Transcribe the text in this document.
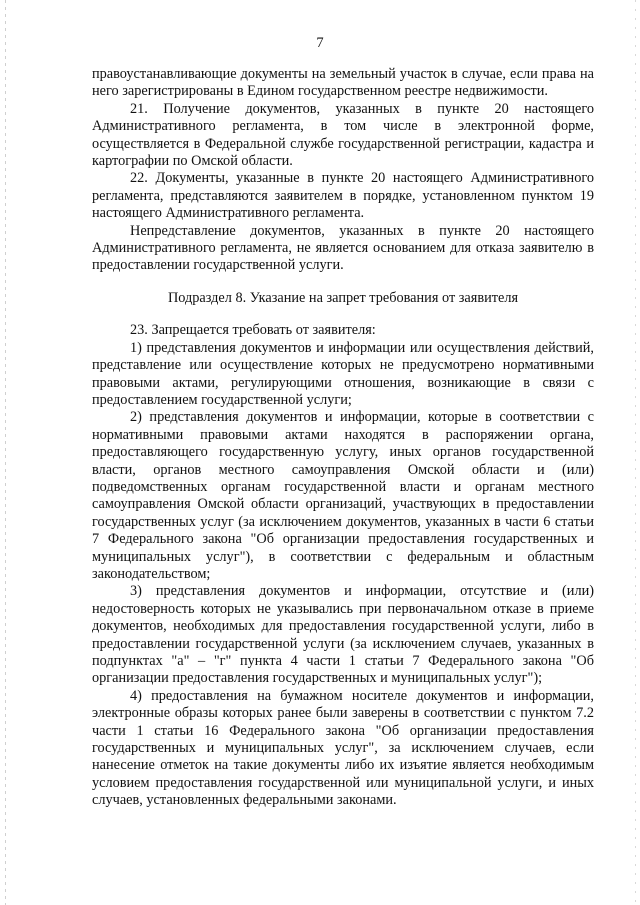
7

правоустанавливающие документы на земельный участок в случае, если права на него зарегистрированы в Едином государственном реестре недвижимости.

21. Получение документов, указанных в пункте 20 настоящего Административного регламента, в том числе в электронной форме, осуществляется в Федеральной службе государственной регистрации, кадастра и картографии по Омской области.

22. Документы, указанные в пункте 20 настоящего Административного регламента, представляются заявителем в порядке, установленном пунктом 19 настоящего Административного регламента.

Непредставление документов, указанных в пункте 20 настоящего Административного регламента, не является основанием для отказа заявителю в предоставлении государственной услуги.

Подраздел 8. Указание на запрет требования от заявителя

23. Запрещается требовать от заявителя:

1) представления документов и информации или осуществления действий, представление или осуществление которых не предусмотрено нормативными правовыми актами, регулирующими отношения, возникающие в связи с предоставлением государственной услуги;

2) представления документов и информации, которые в соответствии с нормативными правовыми актами находятся в распоряжении органа, предоставляющего государственную услугу, иных органов государственной власти, органов местного самоуправления Омской области и (или) подведомственных органам государственной власти и органам местного самоуправления Омской области организаций, участвующих в предоставлении государственных услуг (за исключением документов, указанных в части 6 статьи 7 Федерального закона "Об организации предоставления государственных и муниципальных услуг"), в соответствии с федеральным и областным законодательством;

3) представления документов и информации, отсутствие и (или) недостоверность которых не указывались при первоначальном отказе в приеме документов, необходимых для предоставления государственной услуги, либо в предоставлении государственной услуги (за исключением случаев, указанных в подпунктах "а" – "г" пункта 4 части 1 статьи 7 Федерального закона "Об организации предоставления государственных и муниципальных услуг");

4) предоставления на бумажном носителе документов и информации, электронные образы которых ранее были заверены в соответствии с пунктом 7.2 части 1 статьи 16 Федерального закона "Об организации предоставления государственных и муниципальных услуг", за исключением случаев, если нанесение отметок на такие документы либо их изъятие является необходимым условием предоставления государственной или муниципальной услуги, и иных случаев, установленных федеральными законами.
